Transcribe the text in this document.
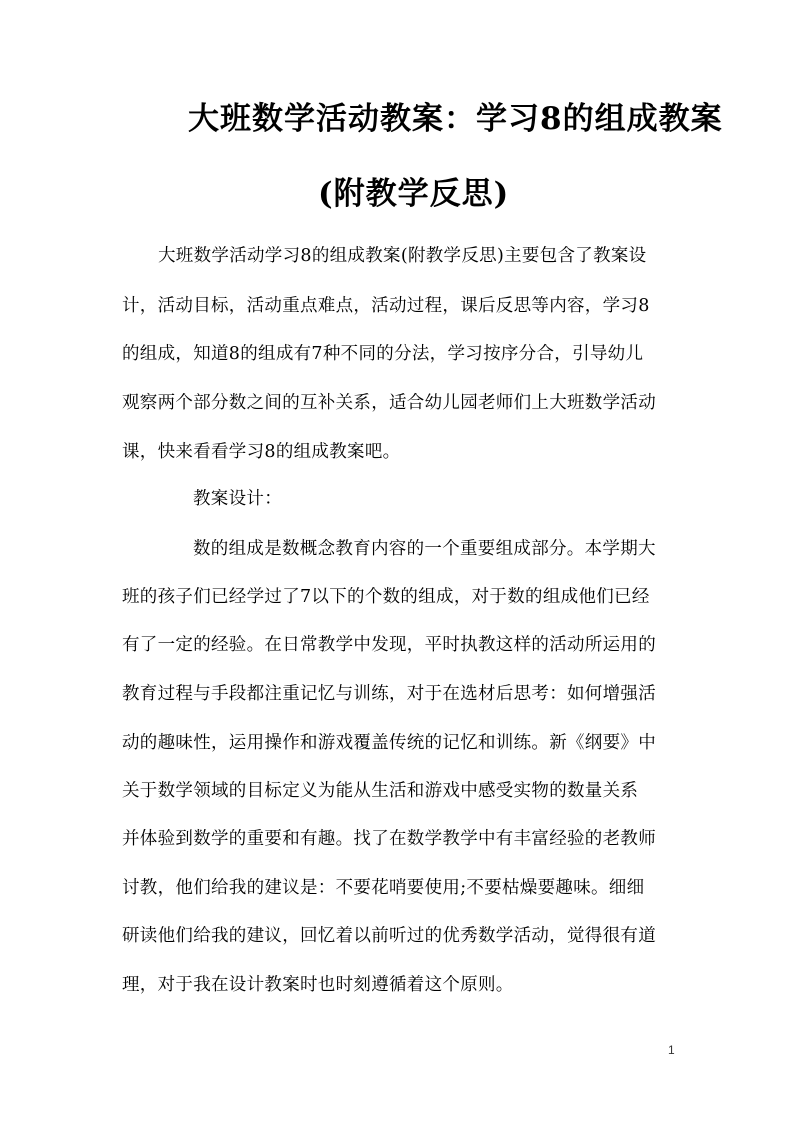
大班数学活动教案：学习8的组成教案
(附教学反思)
大班数学活动学习8的组成教案(附教学反思)主要包含了教案设
计，活动目标，活动重点难点，活动过程，课后反思等内容，学习8
的组成，知道8的组成有7种不同的分法，学习按序分合，引导幼儿
观察两个部分数之间的互补关系，适合幼儿园老师们上大班数学活动
课，快来看看学习8的组成教案吧。
教案设计：
数的组成是数概念教育内容的一个重要组成部分。本学期大
班的孩子们已经学过了7以下的个数的组成，对于数的组成他们已经
有了一定的经验。在日常教学中发现，平时执教这样的活动所运用的
教育过程与手段都注重记忆与训练，对于在选材后思考：如何增强活
动的趣味性，运用操作和游戏覆盖传统的记忆和训练。新《纲要》中
关于数学领域的目标定义为能从生活和游戏中感受实物的数量关系
并体验到数学的重要和有趣。找了在数学教学中有丰富经验的老教师
讨教，他们给我的建议是：不要花哨要使用;不要枯燥要趣味。细细
研读他们给我的建议，回忆着以前听过的优秀数学活动，觉得很有道
理，对于我在设计教案时也时刻遵循着这个原则。
1
